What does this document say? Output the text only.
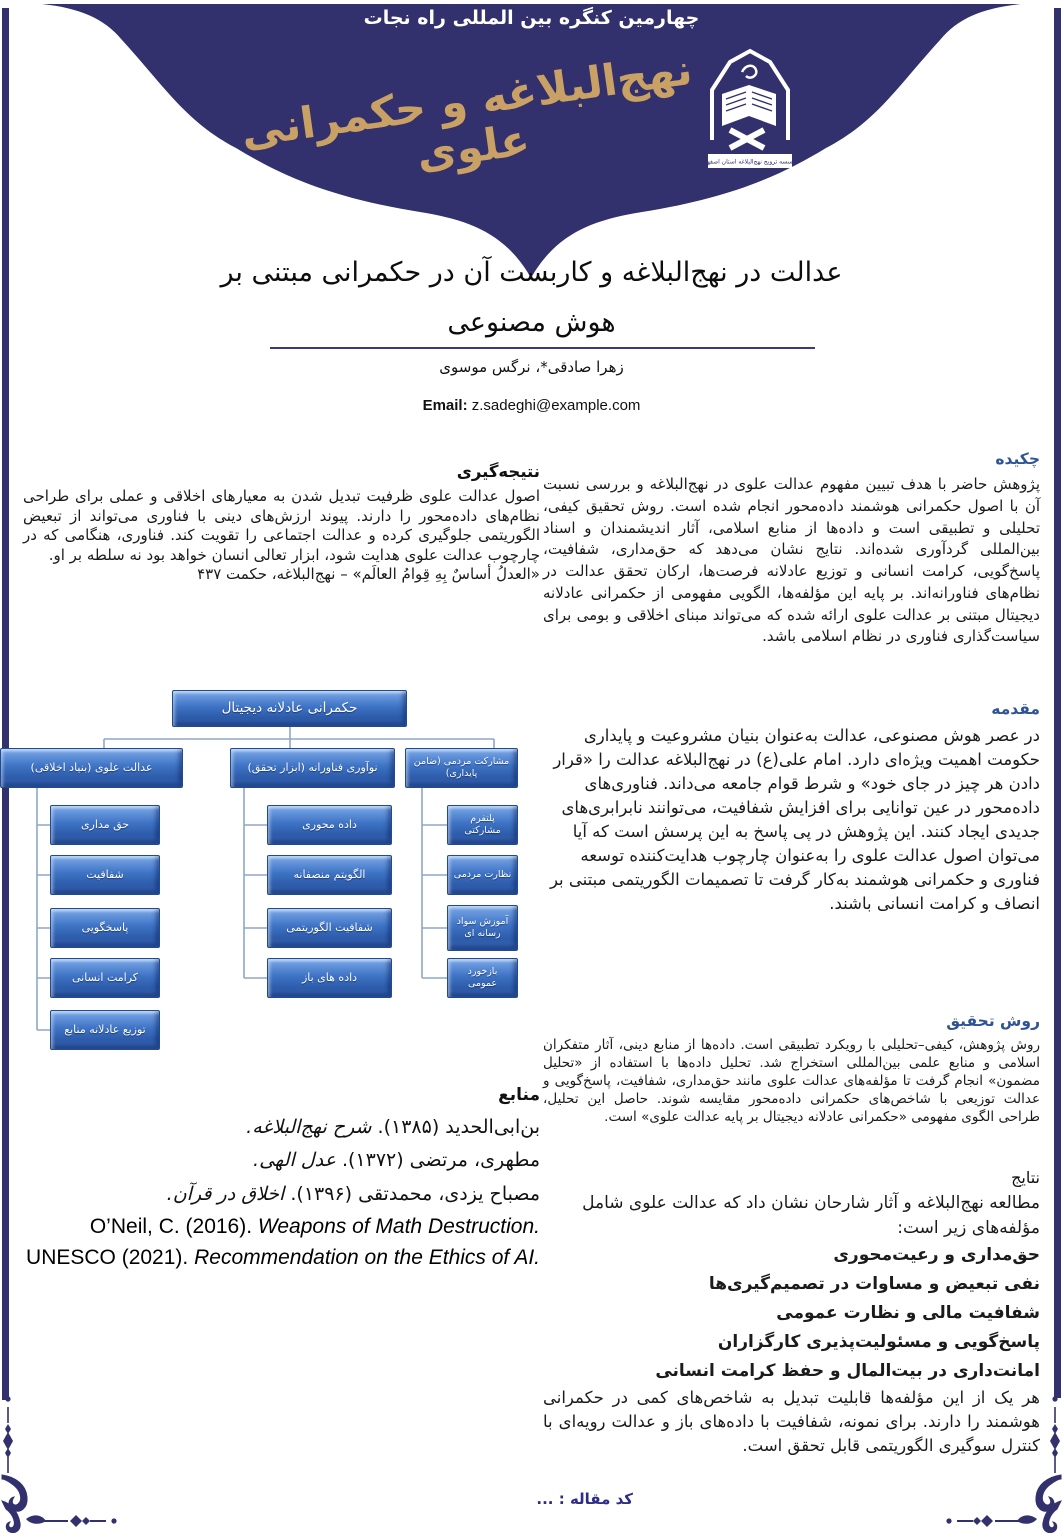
چهارمین کنگره بین المللی راه نجات
نهج‌البلاغه و حکمرانی علوی	موسسه ترویج نهج‌البلاغه استان اصفهان
عدالت در نهج‌البلاغه و کاربست آن در حکمرانی مبتنی بر
هوش مصنوعی
زهرا صادقی*، نرگس موسوی
Email: z.sadeghi@example.com
چکیده
پژوهش حاضر با هدف تبیین مفهوم عدالت علوی در نهج‌البلاغه و بررسی نسبت آن با اصول حکمرانی هوشمند داده‌محور انجام شده است. روش تحقیق کیفی، تحلیلی و تطبیقی است و داده‌ها از منابع اسلامی، آثار اندیشمندان و اسناد بین‌المللی گردآوری شده‌اند. نتایج نشان می‌دهد که حق‌مداری، شفافیت، پاسخ‌گویی، کرامت انسانی و توزیع عادلانه فرصت‌ها، ارکان تحقق عدالت در نظام‌های فناورانه‌اند. بر پایه این مؤلفه‌ها، الگویی مفهومی از حکمرانی عادلانه دیجیتال مبتنی بر عدالت علوی ارائه شده که می‌تواند مبنای اخلاقی و بومی برای سیاست‌گذاری فناوری در نظام اسلامی باشد.
مقدمه
در عصر هوش مصنوعی، عدالت به‌عنوان بنیان مشروعیت و پایداری حکومت اهمیت ویژه‌ای دارد. امام علی(ع) در نهج‌البلاغه عدالت را «قرار دادن هر چیز در جای خود» و شرط قوام جامعه می‌داند. فناوری‌های داده‌محور در عین توانایی برای افزایش شفافیت، می‌توانند نابرابری‌های جدیدی ایجاد کنند. این پژوهش در پی پاسخ به این پرسش است که آیا می‌توان اصول عدالت علوی را به‌عنوان چارچوب هدایت‌کننده توسعه فناوری و حکمرانی هوشمند به‌کار گرفت تا تصمیمات الگوریتمی مبتنی بر انصاف و کرامت انسانی باشند.
روش تحقیق
روش پژوهش، کیفی–تحلیلی با رویکرد تطبیقی است. داده‌ها از منابع دینی، آثار متفکران اسلامی و منابع علمی بین‌المللی استخراج شد. تحلیل داده‌ها با استفاده از «تحلیل مضمون» انجام گرفت تا مؤلفه‌های عدالت علوی مانند حق‌مداری، شفافیت، پاسخ‌گویی و عدالت توزیعی با شاخص‌های حکمرانی داده‌محور مقایسه شوند. حاصل این تحلیل، طراحی الگوی مفهومی «حکمرانی عادلانه دیجیتال بر پایه عدالت علوی» است.
نتایج
مطالعه نهج‌البلاغه و آثار شارحان نشان داد که عدالت علوی شامل مؤلفه‌های زیر است:
حق‌مداری و رعیت‌محوری
نفی تبعیض و مساوات در تصمیم‌گیری‌ها
شفافیت مالی و نظارت عمومی
پاسخ‌گویی و مسئولیت‌پذیری کارگزاران
امانت‌داری در بیت‌المال و حفظ کرامت انسانی
هر یک از این مؤلفه‌ها قابلیت تبدیل به شاخص‌های کمی در حکمرانی هوشمند را دارند. برای نمونه، شفافیت با داده‌های باز و عدالت رویه‌ای با کنترل سوگیری الگوریتمی قابل تحقق است.
نتیجه‌گیری
اصول عدالت علوی ظرفیت تبدیل شدن به معیارهای اخلاقی و عملی برای طراحی نظام‌های داده‌محور را دارند. پیوند ارزش‌های دینی با فناوری می‌تواند از تبعیض الگوریتمی جلوگیری کرده و عدالت اجتماعی را تقویت کند. فناوری، هنگامی که در چارچوب عدالت علوی هدایت شود، ابزار تعالی انسان خواهد بود نه سلطه بر او.
«العدلُ أساسٌ بِهِ قِوامُ العالَم» – نهج‌البلاغه، حکمت ۴۳۷
حکمرانی عادلانه دیجیتال
عدالت علوی (بنیاد اخلاقی)	نوآوری فناورانه (ابزار تحقق)	مشارکت مردمی (ضامن پایداری)
حق مداری
شفافیت
پاسخگویی
کرامت انسانی
توزیع عادلانه منابع
داده محوری
الگویتم منصفانه
شفافیت الگوریتمی
داده های باز
پلتفرم مشارکتی
نظارت مردمی
آموزش سواد رسانه ای
بازخورد عمومی
منابع
بن‌ابی‌الحدید (۱۳۸۵). شرح نهج‌البلاغه.
مطهری، مرتضی (۱۳۷۲). عدل الهی.
مصباح یزدی، محمدتقی (۱۳۹۶). اخلاق در قرآن.
O’Neil, C. (2016). Weapons of Math Destruction.
UNESCO (2021). Recommendation on the Ethics of AI.
کد مقاله : ...
